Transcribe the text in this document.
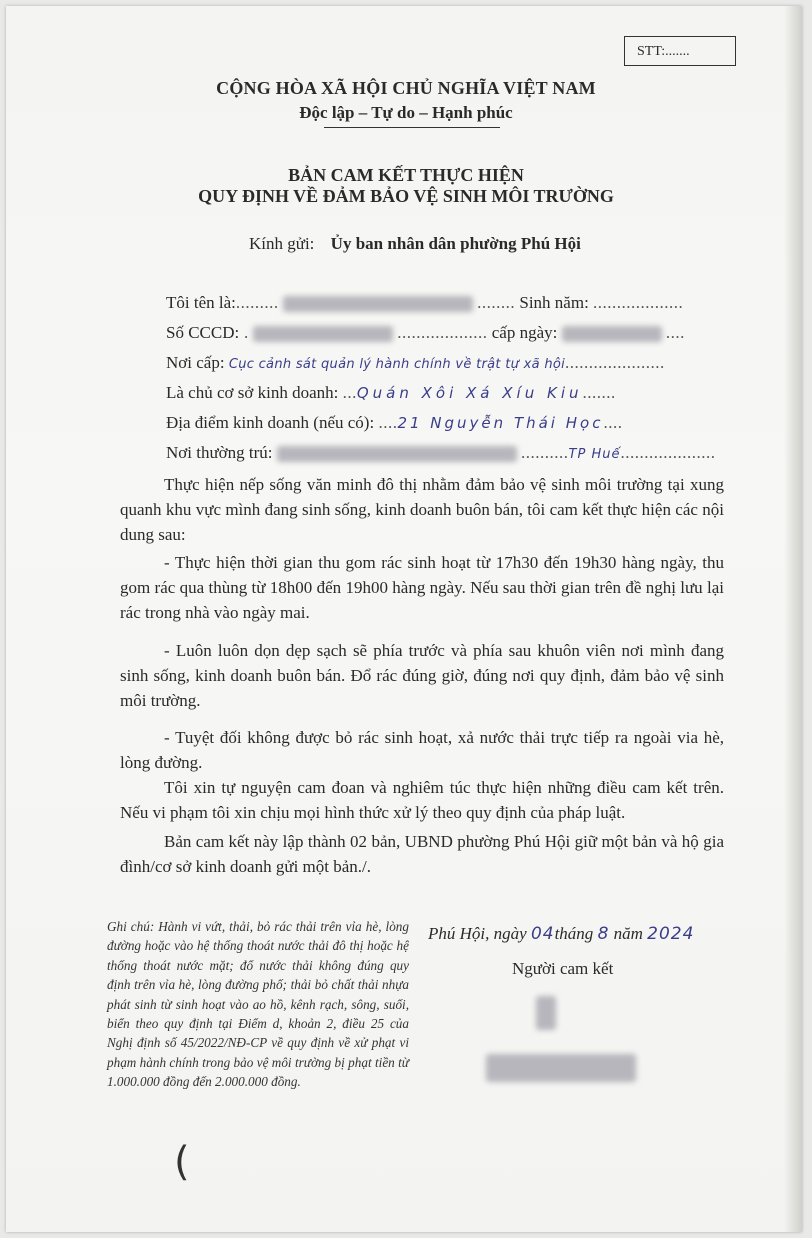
STT:.......
CỘNG HÒA XÃ HỘI CHỦ NGHĨA VIỆT NAM
Độc lập – Tự do – Hạnh phúc
BẢN CAM KẾT THỰC HIỆN
QUY ĐỊNH VỀ ĐẢM BẢO VỆ SINH MÔI TRƯỜNG
Kính gửi: Ủy ban nhân dân phường Phú Hội
Tôi tên là:.........	........ Sinh năm: ...................
Số CCCD: .	................... cấp ngày:	....
Nơi cấp: Cục cảnh sát quản lý hành chính về trật tự xã hội.....................
Là chủ cơ sở kinh doanh: ...Quán Xôi Xá Xíu Kiu.......
Địa điểm kinh doanh (nếu có): ....21 Nguyễn Thái Học....
Nơi thường trú:	..........TP Huế....................
Thực hiện nếp sống văn minh đô thị nhằm đảm bảo vệ sinh môi trường tại xung quanh khu vực mình đang sinh sống, kinh doanh buôn bán, tôi cam kết thực hiện các nội dung sau:
- Thực hiện thời gian thu gom rác sinh hoạt từ 17h30 đến 19h30 hàng ngày, thu gom rác qua thùng từ 18h00 đến 19h00 hàng ngày. Nếu sau thời gian trên đề nghị lưu lại rác trong nhà vào ngày mai.
- Luôn luôn dọn dẹp sạch sẽ phía trước và phía sau khuôn viên nơi mình đang sinh sống, kinh doanh buôn bán. Đổ rác đúng giờ, đúng nơi quy định, đảm bảo vệ sinh môi trường.
- Tuyệt đối không được bỏ rác sinh hoạt, xả nước thải trực tiếp ra ngoài via hè, lòng đường.
Tôi xin tự nguyện cam đoan và nghiêm túc thực hiện những điều cam kết trên. Nếu vi phạm tôi xin chịu mọi hình thức xử lý theo quy định của pháp luật.
Bản cam kết này lập thành 02 bản, UBND phường Phú Hội giữ một bản và hộ gia đình/cơ sở kinh doanh gửi một bản./.
Ghi chú: Hành vi vứt, thải, bỏ rác thải trên vỉa hè, lòng đường hoặc vào hệ thống thoát nước thải đô thị hoặc hệ thống thoát nước mặt; đổ nước thải không đúng quy định trên vỉa hè, lòng đường phố; thải bỏ chất thải nhựa phát sinh từ sinh hoạt vào ao hồ, kênh rạch, sông, suối, biển theo quy định tại Điểm d, khoản 2, điều 25 của Nghị định số 45/2022/NĐ-CP về quy định về xử phạt vi phạm hành chính trong bảo vệ môi trường bị phạt tiền từ 1.000.000 đồng đến 2.000.000 đồng.
Phú Hội, ngày 04tháng 8 năm 2024
Người cam kết
(
